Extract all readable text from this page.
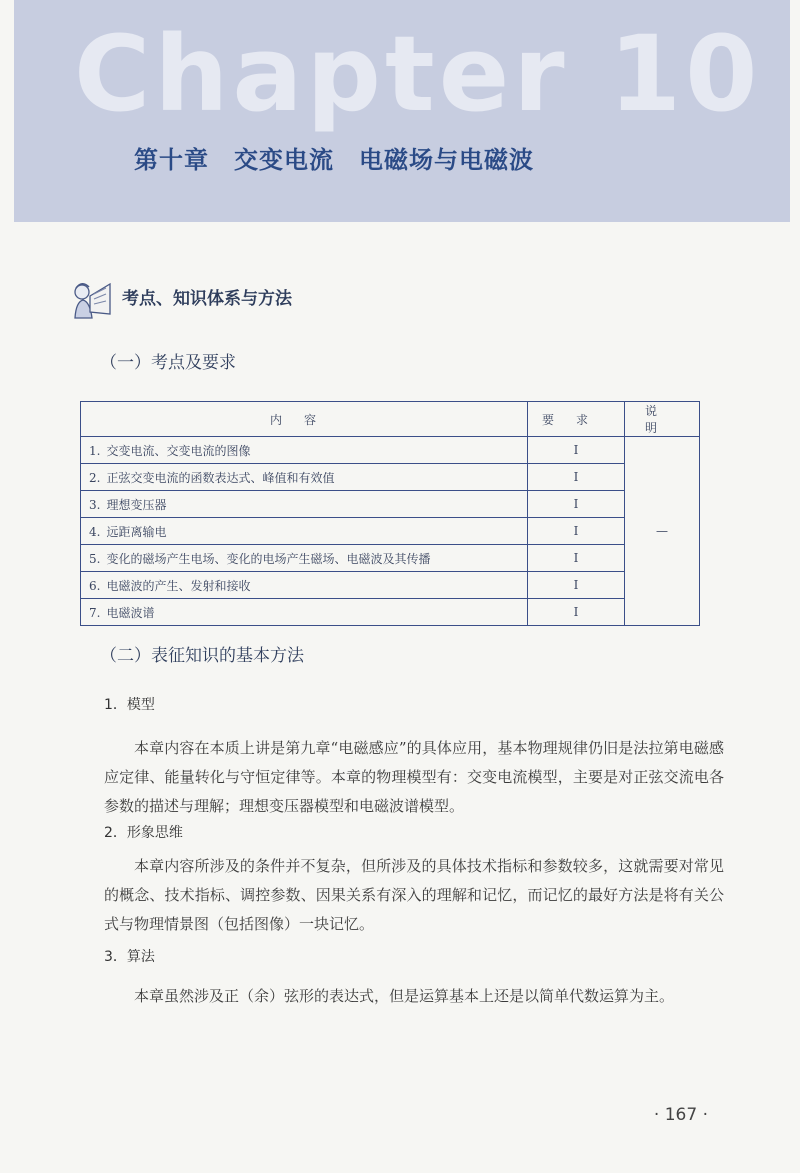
Chapter 10
第十章　交变电流　电磁场与电磁波
考点、知识体系与方法
（一）考点及要求
内容	要求	说明
1. 交变电流、交变电流的图像	I	—
2. 正弦交变电流的函数表达式、峰值和有效值	I	
3. 理想变压器	I	
4. 远距离输电	I	
5. 变化的磁场产生电场、变化的电场产生磁场、电磁波及其传播	I	
6. 电磁波的产生、发射和接收	I	
7. 电磁波谱	I	
（二）表征知识的基本方法
1．模型

本章内容在本质上讲是第九章“电磁感应”的具体应用，基本物理规律仍旧是法拉第电磁感应定律、能量转化与守恒定律等。本章的物理模型有：交变电流模型，主要是对正弦交流电各参数的描述与理解；理想变压器模型和电磁波谱模型。

2．形象思维

本章内容所涉及的条件并不复杂，但所涉及的具体技术指标和参数较多，这就需要对常见的概念、技术指标、调控参数、因果关系有深入的理解和记忆，而记忆的最好方法是将有关公式与物理情景图（包括图像）一块记忆。

3．算法

本章虽然涉及正（余）弦形的表达式，但是运算基本上还是以简单代数运算为主。

· 167 ·
